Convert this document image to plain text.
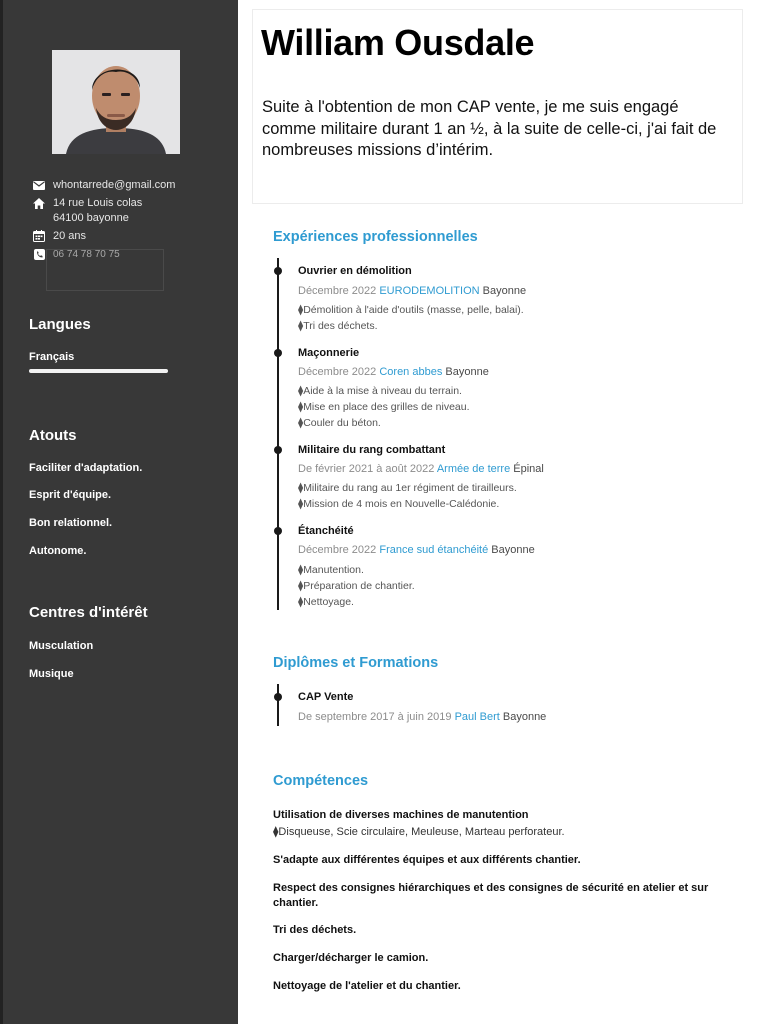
whontarrede@gmail.com
14 rue Louis colas
64100 bayonne
20 ans
06 74 78 70 75
Langues
Français
Atouts
Faciliter d'adaptation.
Esprit d'équipe.
Bon relationnel.
Autonome.
Centres d'intérêt
Musculation
Musique
William Ousdale
Suite à l'obtention de mon CAP vente, je me suis engagé comme militaire durant 1 an ½, à la suite de celle-ci, j'ai fait de nombreuses missions d’intérim.
Expériences professionnelles
Ouvrier en démolition
Décembre 2022 EURODEMOLITION Bayonne
⧫Démolition à l'aide d'outils (masse, pelle, balai).
⧫Tri des déchets.
Maçonnerie
Décembre 2022 Coren abbes Bayonne
⧫Aide à la mise à niveau du terrain.
⧫Mise en place des grilles de niveau.
⧫Couler du béton.
Militaire du rang combattant
De février 2021 à août 2022 Armée de terre Épinal
⧫Militaire du rang au 1er régiment de tirailleurs.
⧫Mission de 4 mois en Nouvelle-Calédonie.
Étanchéité
Décembre 2022 France sud étanchéité Bayonne
⧫Manutention.
⧫Préparation de chantier.
⧫Nettoyage.
Diplômes et Formations
CAP Vente
De septembre 2017 à juin 2019 Paul Bert Bayonne
Compétences
Utilisation de diverses machines de manutention
⧫Disqueuse, Scie circulaire, Meuleuse, Marteau perforateur.
S'adapte aux différentes équipes et aux différents chantier.
Respect des consignes hiérarchiques et des consignes de sécurité en atelier et sur chantier.
Tri des déchets.
Charger/décharger le camion.
Nettoyage de l'atelier et du chantier.
